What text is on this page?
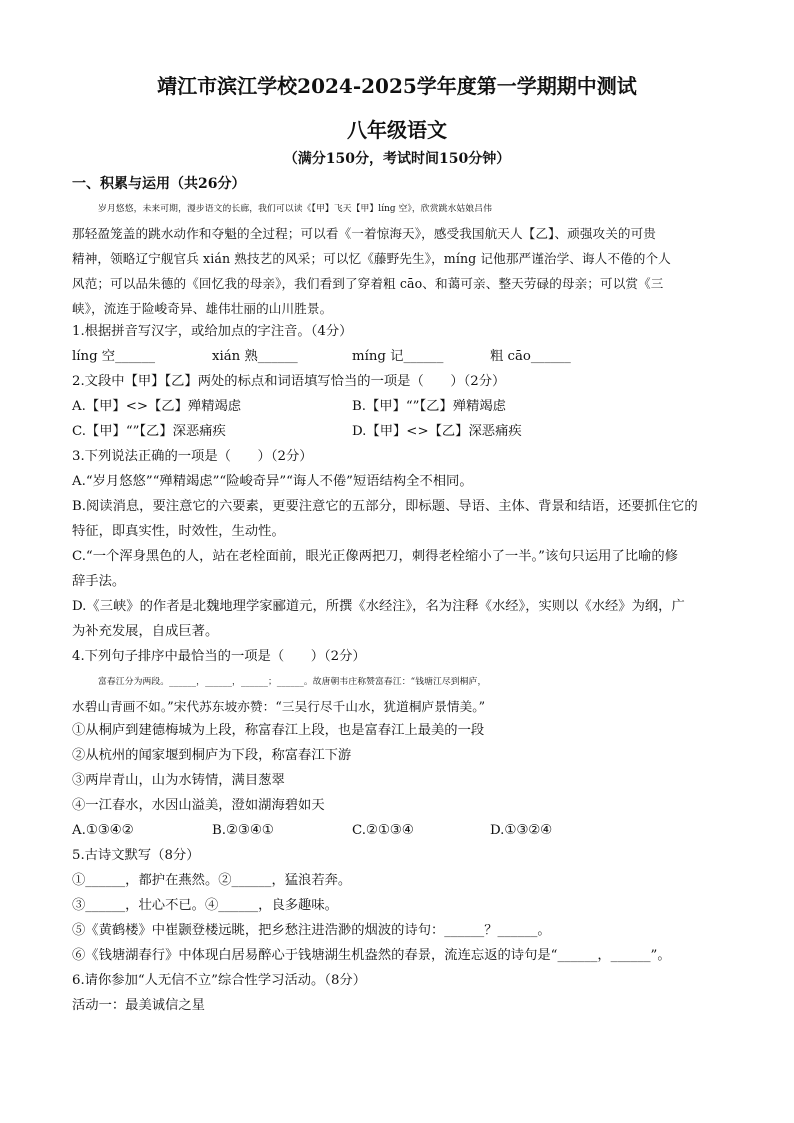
靖江市滨江学校2024-2025学年度第一学期期中测试
八年级语文
（满分150分，考试时间150分钟）
一、积累与运用（共26分）
岁月悠悠，未来可期，漫步语文的长廊，我们可以读《【甲】飞天【甲】líng 空》，欣赏跳水姑娘吕伟
那轻盈笼盖的跳水动作和夺魁的全过程；可以看《一着惊海天》，感受我国航天人【乙】、顽强攻关的可贵
精神，领略辽宁舰官兵 xián 熟技艺的风采；可以忆《藤野先生》，míng 记他那严谨治学、诲人不倦的个人
风范；可以品朱德的《回忆我的母亲》，我们看到了穿着粗 cāo、和蔼可亲、整天劳碌的母亲；可以赏《三
峡》，流连于险峻奇异、雄伟壮丽的山川胜景。
1.根据拼音写汉字，或给加点的字注音。（4分）
líng 空______	xián 熟______	míng 记______	粗 cāo______
2.文段中【甲】【乙】两处的标点和词语填写恰当的一项是（　　）（2分）
A.【甲】<>【乙】殚精竭虑	B.【甲】“”【乙】殚精竭虑
C.【甲】“”【乙】深恶痛疾	D.【甲】<>【乙】深恶痛疾
3.下列说法正确的一项是（　　）（2分）
A.“岁月悠悠”“殚精竭虑”“险峻奇异”“诲人不倦”短语结构全不相同。
B.阅读消息，要注意它的六要素，更要注意它的五部分，即标题、导语、主体、背景和结语，还要抓住它的
特征，即真实性，时效性，生动性。
C.“一个浑身黑色的人，站在老栓面前，眼光正像两把刀，刺得老栓缩小了一半。”该句只运用了比喻的修
辞手法。
D.《三峡》的作者是北魏地理学家郦道元，所撰《水经注》，名为注释《水经》，实则以《水经》为纲，广
为补充发展，自成巨著。
4.下列句子排序中最恰当的一项是（　　）（2分）
富春江分为两段。______，______，______；______。故唐朝韦庄称赞富春江：“钱塘江尽到桐庐，
水碧山青画不如。”宋代苏东坡亦赞：“三吴行尽千山水，犹道桐庐景情美。”
①从桐庐到建德梅城为上段，称富春江上段，也是富春江上最美的一段
②从杭州的闻家堰到桐庐为下段，称富春江下游
③两岸青山，山为水铸情，满目葱翠
④一江春水，水因山溢美，澄如湖海碧如天
A.①③④②	B.②③④①	C.②①③④	D.①③②④
5.古诗文默写（8分）
①______，都护在燕然。②______，猛浪若奔。
③______，壮心不已。④______，良多趣味。
⑤《黄鹤楼》中崔颢登楼远眺，把乡愁注进浩渺的烟波的诗句：______？______。
⑥《钱塘湖春行》中体现白居易醉心于钱塘湖生机盎然的春景，流连忘返的诗句是“______，______”。
6.请你参加“人无信不立”综合性学习活动。（8分）
活动一：最美诚信之星
